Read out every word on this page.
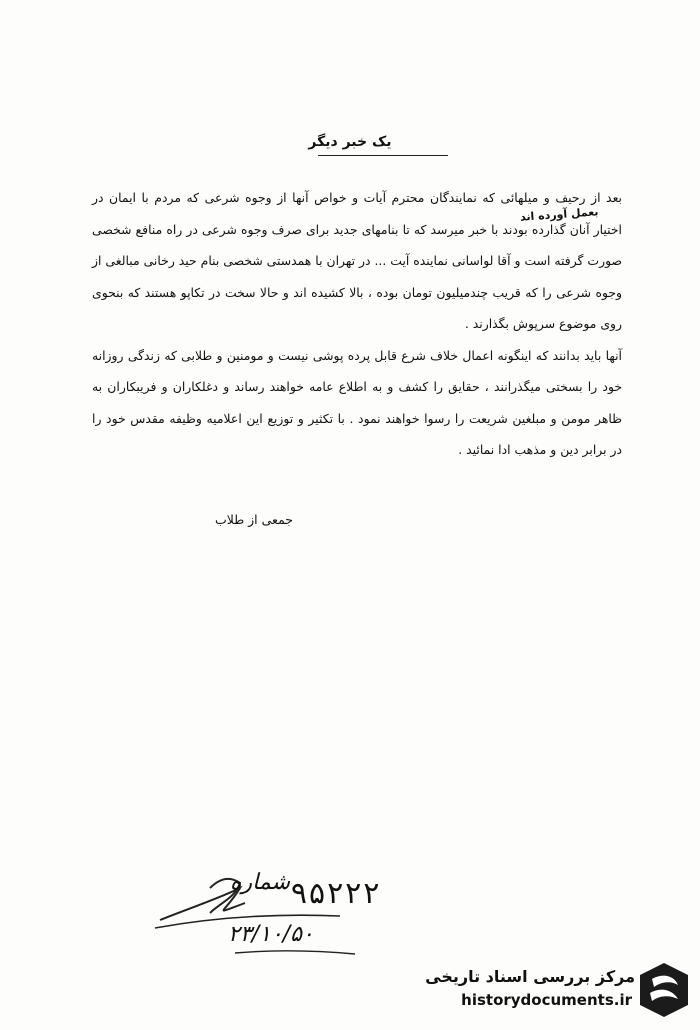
یک خبر دیگر
بعمل آورده اند

بعد از رحیف و میلهائی که نمایندگان محترم آیات و خواص آنها از وجوه شرعی که مردم با ایمان در اختیار آنان گذارده بودند با خبر میرسد که تا بنامهای جدید برای صرف وجوه شرعی در راه منافع شخصی صورت گرفته است و آقا لواسانی نماینده آیت ... در تهران با همدستی شخصی بنام حید رخانی مبالغی از وجوه شرعی را که قریب چندمیلیون تومان بوده ، بالا کشیده اند و حالا سخت در تکاپو هستند که بنحوی روی موضوع سرپوش بگذارند .

آنها باید بدانند که اینگونه اعمال خلاف شرع قابل پرده پوشی نیست و مومنین و طلابی که زندگی روزانه خود را بسختی میگذرانند ، حقایق را کشف و به اطلاع عامه خواهند رساند و دغلکاران و فریبکاران به ظاهر مومن و مبلغین شریعت را رسوا خواهند نمود . با تکثیر و توزیع این اعلامیه وظیفه مقدس خود را در برابر دین و مذهب ادا نمائید .

جمعی از طلاب
شماره ۹۵۲۲۲
۲۳/۱۰/۵۰
مرکز بررسی اسناد تاریخی
historydocuments.ir
